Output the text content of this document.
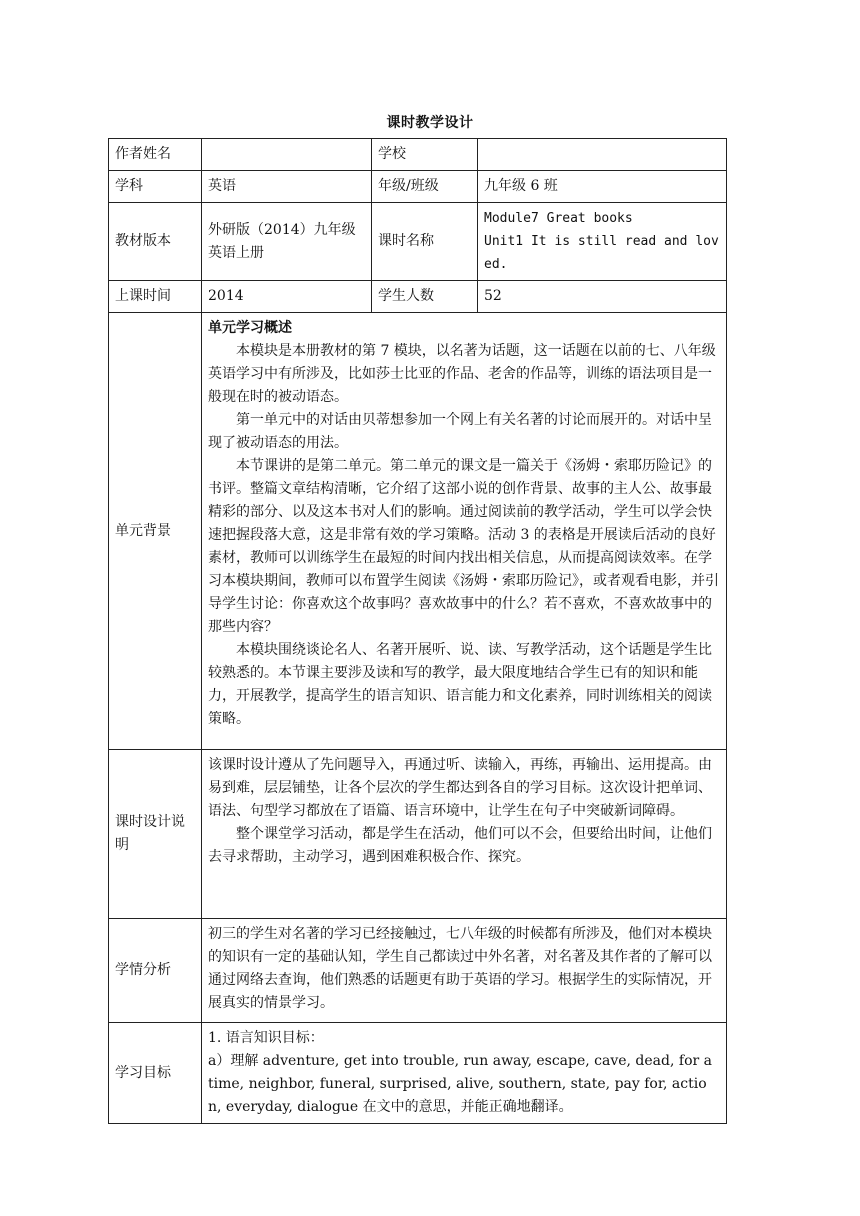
课时教学设计
作者姓名		学校	
学科	英语	年级/班级	九年级 6 班
教材版本	外研版（2014）九年级英语上册	课时名称	Module7 Great books
Unit1 It is still read and loved.

上课时间	2014	学生人数	52
单元背景	单元学习概述

本模块是本册教材的第 7 模块，以名著为话题，这一话题在以前的七、八年级英语学习中有所涉及，比如莎士比亚的作品、老舍的作品等，训练的语法项目是一般现在时的被动语态。

第一单元中的对话由贝蒂想参加一个网上有关名著的讨论而展开的。对话中呈现了被动语态的用法。

本节课讲的是第二单元。第二单元的课文是一篇关于《汤姆・索耶历险记》的书评。整篇文章结构清晰，它介绍了这部小说的创作背景、故事的主人公、故事最精彩的部分、以及这本书对人们的影响。通过阅读前的教学活动，学生可以学会快速把握段落大意，这是非常有效的学习策略。活动 3 的表格是开展读后活动的良好素材，教师可以训练学生在最短的时间内找出相关信息，从而提高阅读效率。在学习本模块期间，教师可以布置学生阅读《汤姆・索耶历险记》，或者观看电影，并引导学生讨论：你喜欢这个故事吗？喜欢故事中的什么？若不喜欢，不喜欢故事中的那些内容？

本模块围绕谈论名人、名著开展听、说、读、写教学活动，这个话题是学生比较熟悉的。本节课主要涉及读和写的教学，最大限度地结合学生已有的知识和能力，开展教学，提高学生的语言知识、语言能力和文化素养，同时训练相关的阅读策略。		

课时设计说明	该课时设计遵从了先问题导入，再通过听、读输入，再练，再输出、运用提高。由易到难，层层铺垫，让各个层次的学生都达到各自的学习目标。这次设计把单词、语法、句型学习都放在了语篇、语言环境中，让学生在句子中突破新词障碍。

整个课堂学习活动，都是学生在活动，他们可以不会，但要给出时间，让他们去寻求帮助，主动学习，遇到困难积极合作、探究。		

学情分析	初三的学生对名著的学习已经接触过，七八年级的时候都有所涉及，他们对本模块的知识有一定的基础认知，学生自己都读过中外名著，对名著及其作者的了解可以通过网络去查询，他们熟悉的话题更有助于英语的学习。根据学生的实际情况，开展真实的情景学习。		

学习目标	1. 语言知识目标：

a）理解 adventure, get into trouble, run away, escape, cave, dead, for a time, neighbor, funeral, surprised, alive, southern, state, pay for, action, everyday, dialogue 在文中的意思，并能正确地翻译。		
